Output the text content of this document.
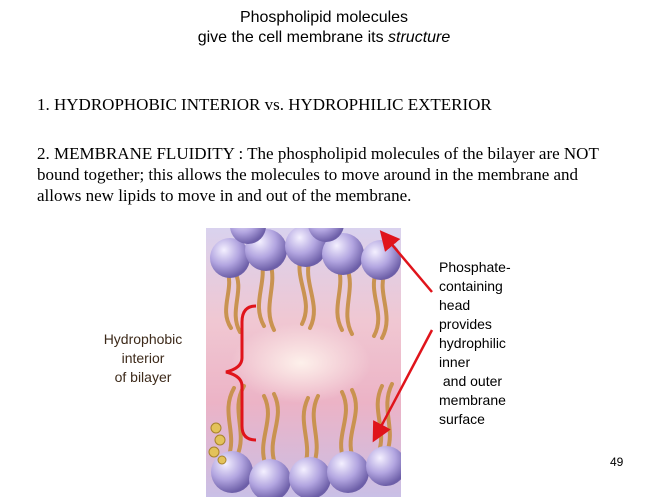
Phospholipid molecules
give the cell membrane its structure
1. HYDROPHOBIC INTERIOR vs. HYDROPHILIC EXTERIOR
2. MEMBRANE FLUIDITY : The phospholipid molecules of the bilayer are NOT bound together; this allows the molecules to move around in the membrane and allows new lipids to move in and out of the membrane.
Hydrophobic
interior
of bilayer
Phosphate-
containing
head
provides
hydrophilic
inner
and outer
membrane
surface
49
